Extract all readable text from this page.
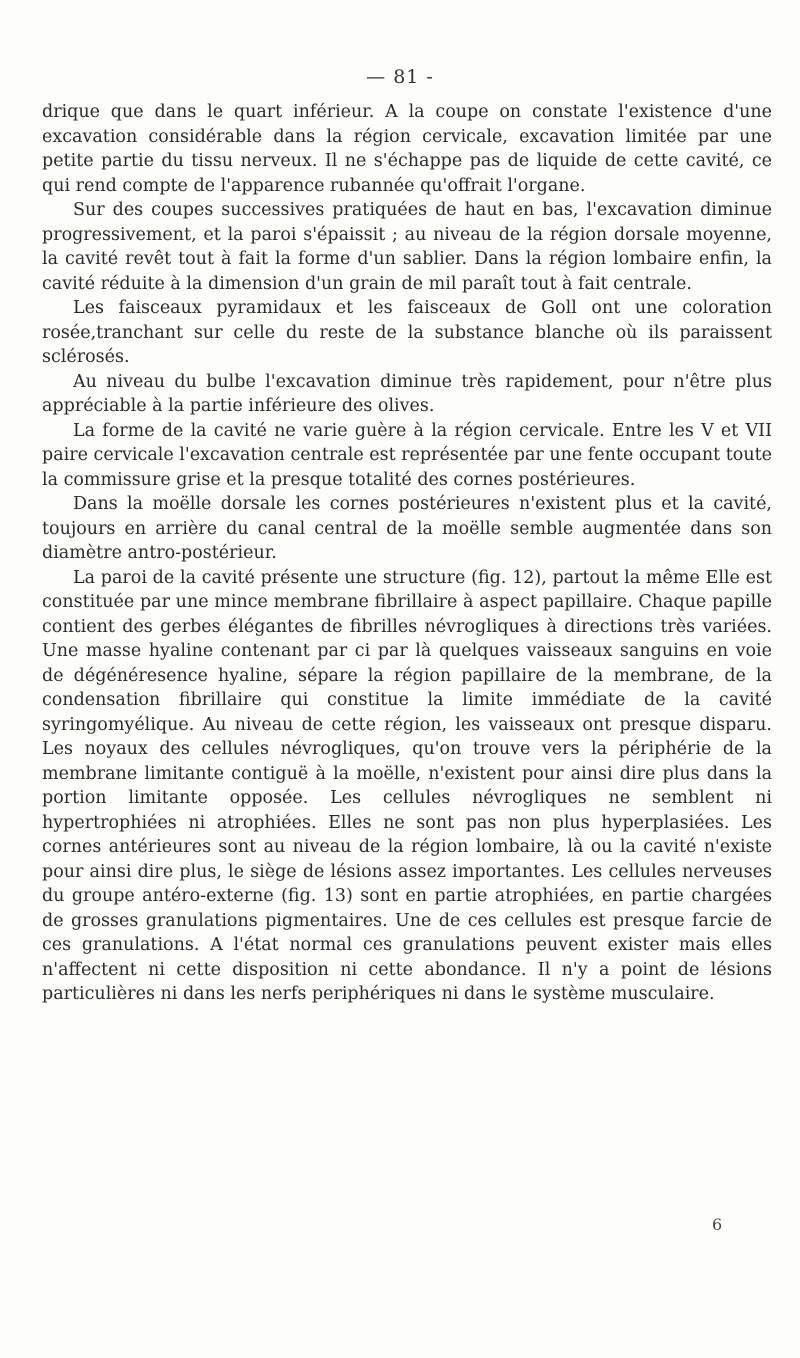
— 81 -

drique que dans le quart inférieur. A la coupe on constate l'existence d'une excavation considérable dans la région cervicale, excavation limitée par une petite partie du tissu nerveux. Il ne s'échappe pas de liquide de cette cavité, ce qui rend compte de l'apparence rubannée qu'offrait l'organe.

Sur des coupes successives pratiquées de haut en bas, l'excavation diminue progressivement, et la paroi s'épaissit ; au niveau de la région dorsale moyenne, la cavité revêt tout à fait la forme d'un sablier. Dans la région lombaire enfin, la cavité réduite à la dimension d'un grain de mil paraît tout à fait centrale.

Les faisceaux pyramidaux et les faisceaux de Goll ont une coloration rosée,tranchant sur celle du reste de la substance blanche où ils paraissent sclérosés.

Au niveau du bulbe l'excavation diminue très rapidement, pour n'être plus appréciable à la partie inférieure des olives.

La forme de la cavité ne varie guère à la région cervicale. Entre les V et VII paire cervicale l'excavation centrale est représentée par une fente occupant toute la commissure grise et la presque totalité des cornes postérieures.

Dans la moëlle dorsale les cornes postérieures n'existent plus et la cavité, toujours en arrière du canal central de la moëlle semble augmentée dans son diamètre antro-postérieur.

La paroi de la cavité présente une structure (fig. 12), partout la même Elle est constituée par une mince membrane fibrillaire à aspect papillaire. Chaque papille contient des gerbes élégantes de fibrilles névrogliques à directions très variées. Une masse hyaline contenant par ci par là quelques vaisseaux sanguins en voie de dégénéresence hyaline, sépare la région papillaire de la membrane, de la condensation fibrillaire qui constitue la limite immédiate de la cavité syringomyélique. Au niveau de cette région, les vaisseaux ont presque disparu. Les noyaux des cellules névrogliques, qu'on trouve vers la périphérie de la membrane limitante contiguë à la moëlle, n'existent pour ainsi dire plus dans la portion limitante opposée. Les cellules névrogliques ne semblent ni hypertrophiées ni atrophiées. Elles ne sont pas non plus hyperplasiées. Les cornes antérieures sont au niveau de la région lombaire, là ou la cavité n'existe pour ainsi dire plus, le siège de lésions assez importantes. Les cellules nerveuses du groupe antéro-externe (fig. 13) sont en partie atrophiées, en partie chargées de grosses granulations pigmentaires. Une de ces cellules est presque farcie de ces granulations. A l'état normal ces granulations peuvent exister mais elles n'affectent ni cette disposition ni cette abondance. Il n'y a point de lésions particulières ni dans les nerfs periphériques ni dans le système musculaire.

6
